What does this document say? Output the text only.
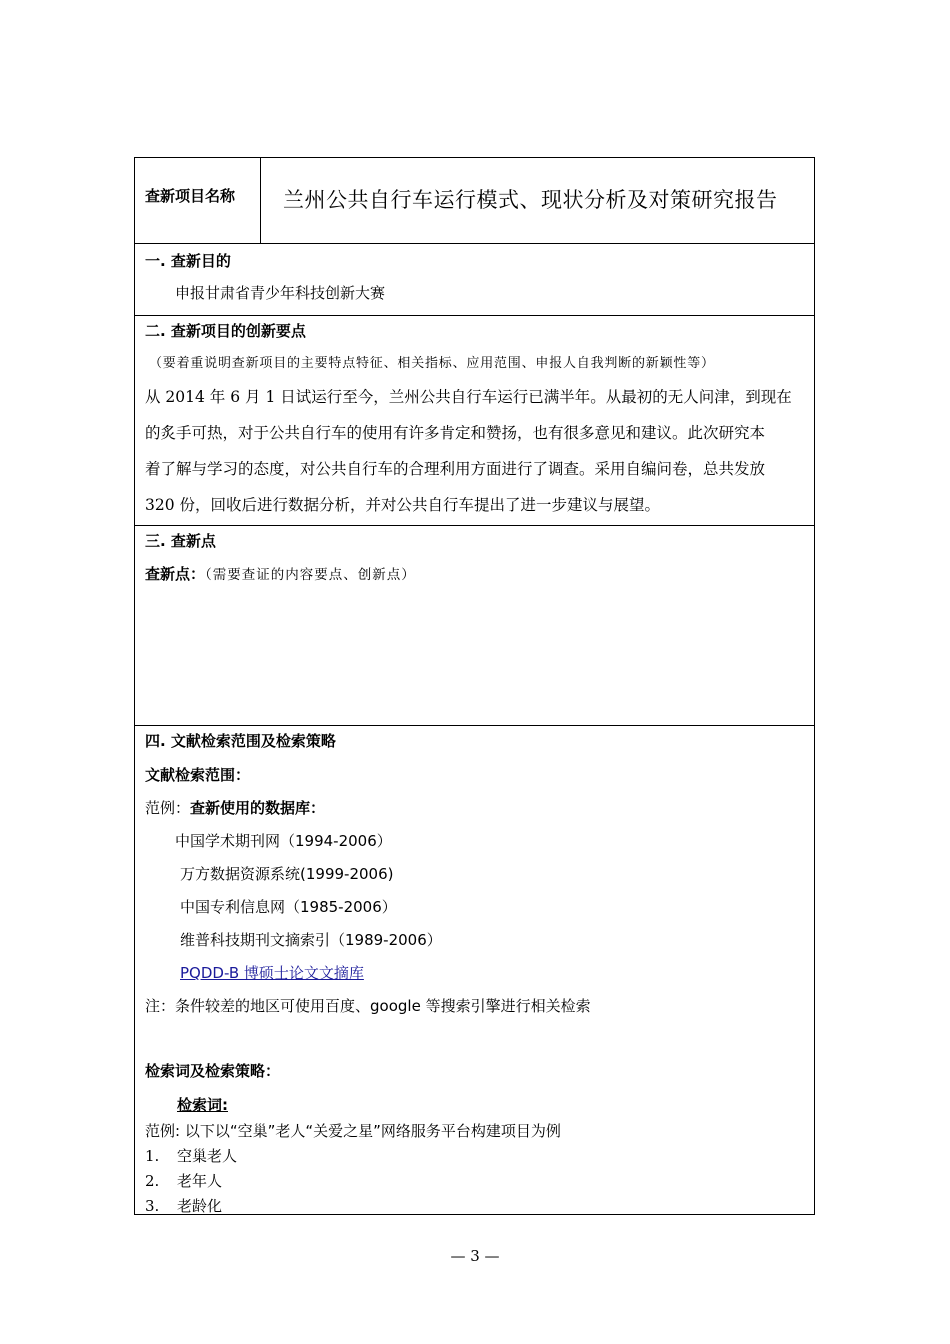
查新项目名称	兰州公共自行车运行模式、现状分析及对策研究报告
一. 查新目的
申报甘肃省青少年科技创新大赛
二. 查新项目的创新要点
（要着重说明查新项目的主要特点特征、相关指标、应用范围、申报人自我判断的新颖性等）
从 2014 年 6 月 1 日试运行至今，兰州公共自行车运行已满半年。从最初的无人问津，到现在
的炙手可热，对于公共自行车的使用有许多肯定和赞扬，也有很多意见和建议。此次研究本
着了解与学习的态度，对公共自行车的合理利用方面进行了调查。采用自编问卷，总共发放
320 份，回收后进行数据分析，并对公共自行车提出了进一步建议与展望。
三. 查新点
查新点：（需要查证的内容要点、创新点）
四. 文献检索范围及检索策略
文献检索范围：
范例：查新使用的数据库：
中国学术期刊网（1994-2006）
万方数据资源系统(1999-2006)
中国专利信息网（1985-2006）
维普科技期刊文摘索引（1989-2006）
PQDD-B 博硕士论文文摘库
注：条件较差的地区可使用百度、google 等搜索引擎进行相关检索
检索词及检索策略：
检索词:
范例: 以下以“空巢”老人“关爱之星”网络服务平台构建项目为例
1. 空巢老人
2. 老年人
3. 老龄化
— 3 —
